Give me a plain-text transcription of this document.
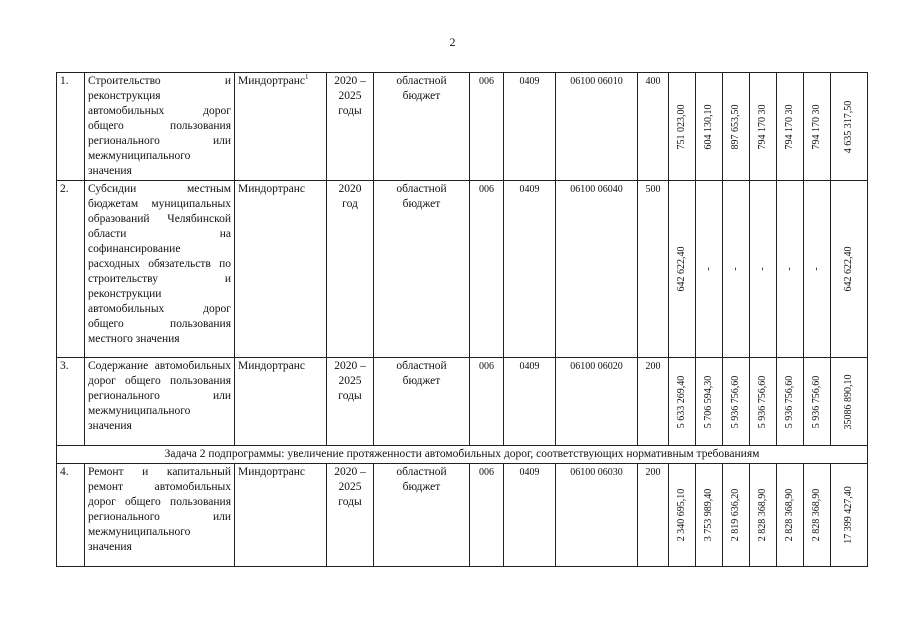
2
1.	Строительство и реконструкция автомобильных дорог общего пользования регионального или межмуниципального значения	Миндортранс$^1$	2020 – 2025 годы	областной бюджет	006	0409	06100 06010	400	751 023,00	604 130,10	897 653,50	794 170 30	794 170 30	794 170 30	4 635 317,50

2.	Субсидии местным бюджетам муниципальных образований Челябинской области на софинансирование расходных обязательств по строительству и реконструкции автомобильных дорог общего пользования местного значения	Миндортранс	2020 год	областной бюджет	006	0409	06100 06040	500	642 622,40	-	-	-	-	-	642 622,40

3.	Содержание автомобильных дорог общего пользования регионального или межмуниципального значения	Миндортранс	2020 – 2025 годы	областной бюджет	006	0409	06100 06020	200	5 633 269,40	5 706 594,30	5 936 756,60	5 936 756,60	5 936 756,60	5 936 756,60	35086 890,10

Задача 2 подпрограммы: увеличение протяженности автомобильных дорог, соответствующих нормативным требованиям															
4.	Ремонт и капитальный ремонт автомобильных дорог общего пользования регионального или межмуниципального значения	Миндортранс	2020 – 2025 годы	областной бюджет	006	0409	06100 06030	200	2 340 695,10	3 753 989,40	2 819 636,20	2 828 368,90	2 828 368,90	2 828 368,90	17 399 427,40
